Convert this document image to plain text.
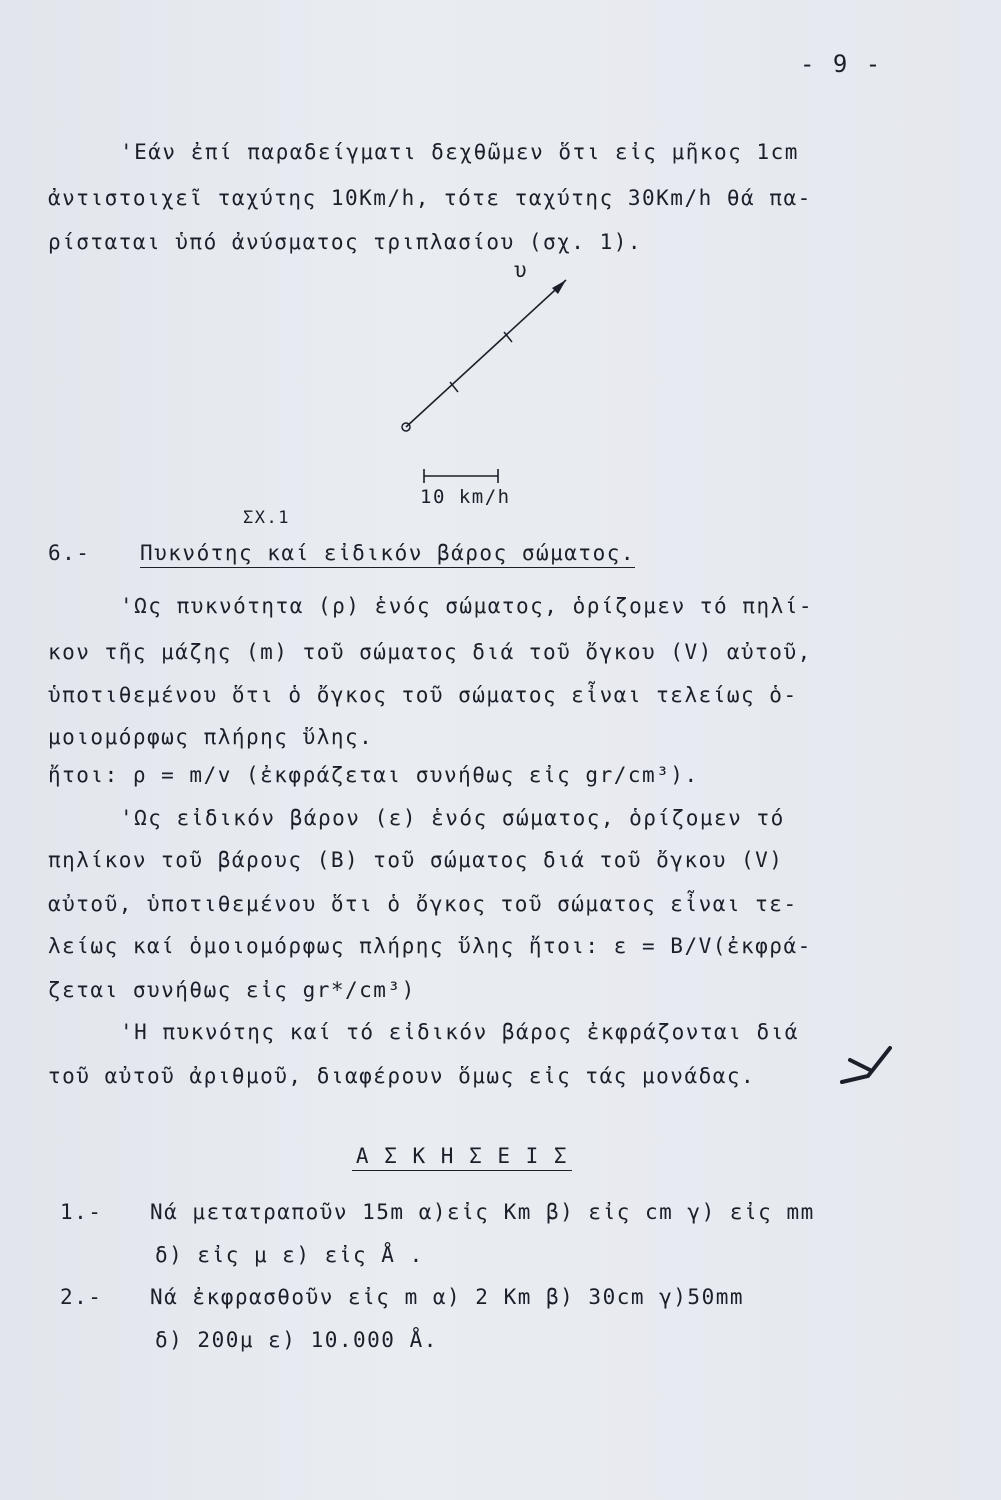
- 9 -
'Εάν ἐπί παραδείγματι δεχθῶμεν ὅτι εἰς μῆκος 1cm
ἀντιστοιχεῖ ταχύτης 10Km/h, τότε ταχύτης 30Km/h θά πα-
ρίσταται ὑπό ἀνύσματος τριπλασίου (σχ. 1).
υ
10 km/h
ΣΧ.1
6.- Πυκνότης καί εἰδικόν βάρος σώματος.
'Ως πυκνότητα (ρ) ἑνός σώματος, ὁρίζομεν τό πηλί-
κον τῆς μάζης (m) τοῦ σώματος διά τοῦ ὄγκου (V) αὐτοῦ,
ὑποτιθεμένου ὅτι ὁ ὄγκος τοῦ σώματος εἶναι τελείως ὁ-
μοιομόρφως πλήρης ὕλης.
ἤτοι: ρ = m/v (ἐκφράζεται συνήθως εἰς gr/cm³).
'Ως εἰδικόν βάρον (ε) ἑνός σώματος, ὁρίζομεν τό
πηλίκον τοῦ βάρους (B) τοῦ σώματος διά τοῦ ὄγκου (V)
αὐτοῦ, ὑποτιθεμένου ὅτι ὁ ὄγκος τοῦ σώματος εἶναι τε-
λείως καί ὁμοιομόρφως πλήρης ὕλης ἤτοι: ε = B/V(ἐκφρά-
ζεται συνήθως εἰς gr*/cm³)
'Η πυκνότης καί τό εἰδικόν βάρος ἐκφράζονται διά
τοῦ αὐτοῦ ἀριθμοῦ, διαφέρουν ὅμως εἰς τάς μονάδας.
Α Σ Κ Η Σ Ε Ι Σ
1.- Νά μετατραποῦν 15m α)εἰς Km β) εἰς cm γ) εἰς mm
δ) εἰς μ ε) εἰς Å .
2.- Νά ἐκφρασθοῦν εἰς m α) 2 Km β) 30cm γ)50mm
δ) 200μ ε) 10.000 Å.
